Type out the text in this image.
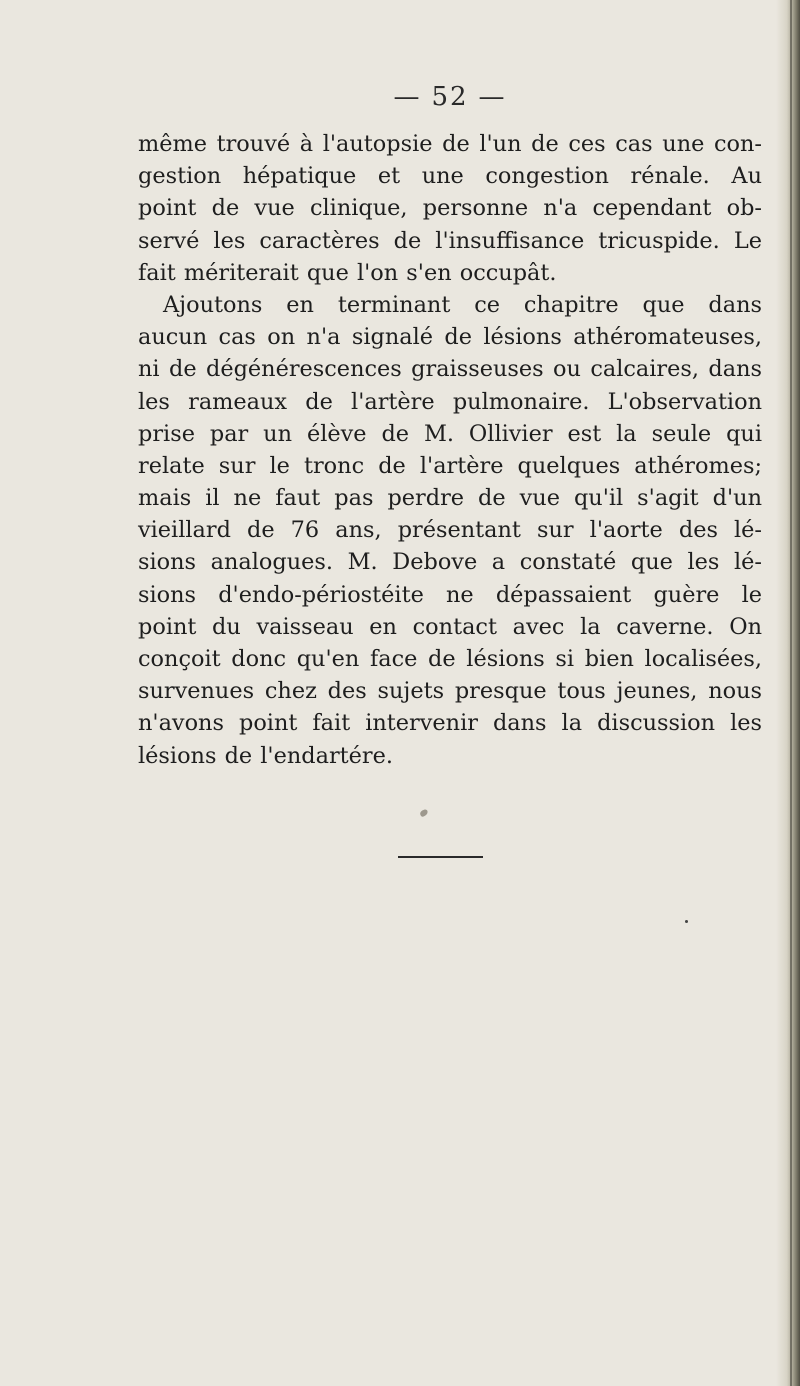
— 52 —
même trouvé à l'autopsie de l'un de ces cas une con-
gestion hépatique et une congestion rénale. Au
point de vue clinique, personne n'a cependant ob-
servé les caractères de l'insuffisance tricuspide. Le
fait mériterait que l'on s'en occupât.
Ajoutons en terminant ce chapitre que dans
aucun cas on n'a signalé de lésions athéromateuses,
ni de dégénérescences graisseuses ou calcaires, dans
les rameaux de l'artère pulmonaire. L'observation
prise par un élève de M. Ollivier est la seule qui
relate sur le tronc de l'artère quelques athéromes;
mais il ne faut pas perdre de vue qu'il s'agit d'un
vieillard de 76 ans, présentant sur l'aorte des lé-
sions analogues. M. Debove a constaté que les lé-
sions d'endo-périostéite ne dépassaient guère le
point du vaisseau en contact avec la caverne. On
conçoit donc qu'en face de lésions si bien localisées,
survenues chez des sujets presque tous jeunes, nous
n'avons point fait intervenir dans la discussion les
lésions de l'endartére.
